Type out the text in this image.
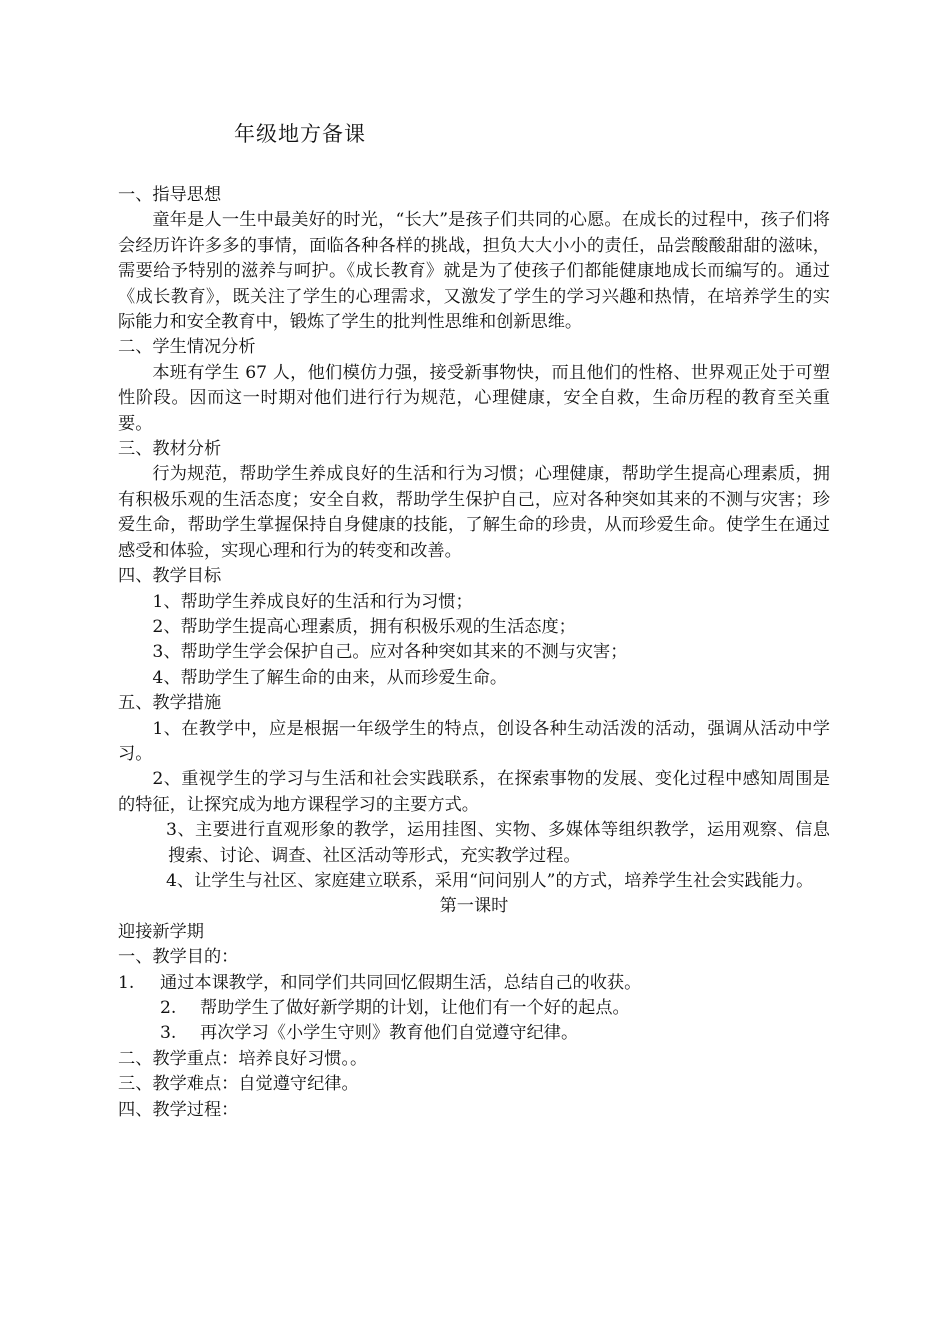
年级地方备课

一、指导思想

童年是人一生中最美好的时光，“长大”是孩子们共同的心愿。在成长的过程中，孩子们将会经历许许多多的事情，面临各种各样的挑战，担负大大小小的责任，品尝酸酸甜甜的滋味，需要给予特别的滋养与呵护。《成长教育》就是为了使孩子们都能健康地成长而编写的。通过《成长教育》，既关注了学生的心理需求，又激发了学生的学习兴趣和热情，在培养学生的实际能力和安全教育中，锻炼了学生的批判性思维和创新思维。

二、学生情况分析

本班有学生 67 人，他们模仿力强，接受新事物快，而且他们的性格、世界观正处于可塑性阶段。因而这一时期对他们进行行为规范，心理健康，安全自救，生命历程的教育至关重要。

三、教材分析

行为规范，帮助学生养成良好的生活和行为习惯；心理健康，帮助学生提高心理素质，拥有积极乐观的生活态度；安全自救，帮助学生保护自己，应对各种突如其来的不测与灾害；珍爱生命，帮助学生掌握保持自身健康的技能，了解生命的珍贵，从而珍爱生命。使学生在通过感受和体验，实现心理和行为的转变和改善。

四、教学目标

1、帮助学生养成良好的生活和行为习惯；

2、帮助学生提高心理素质，拥有积极乐观的生活态度；

3、帮助学生学会保护自己。应对各种突如其来的不测与灾害；

4、帮助学生了解生命的由来，从而珍爱生命。

五、教学措施

1、在教学中，应是根据一年级学生的特点，创设各种生动活泼的活动，强调从活动中学习。

2、重视学生的学习与生活和社会实践联系，在探索事物的发展、变化过程中感知周围是的特征，让探究成为地方课程学习的主要方式。

3、主要进行直观形象的教学，运用挂图、实物、多媒体等组织教学，运用观察、信息搜索、讨论、调查、社区活动等形式，充实教学过程。

4、让学生与社区、家庭建立联系，采用“问问别人”的方式，培养学生社会实践能力。

第一课时

迎接新学期

一、教学目的：

1. 通过本课教学，和同学们共同回忆假期生活，总结自己的收获。

2. 帮助学生了做好新学期的计划，让他们有一个好的起点。

3. 再次学习《小学生守则》教育他们自觉遵守纪律。

二、教学重点：培养良好习惯。。

三、教学难点：自觉遵守纪律。

四、教学过程：
